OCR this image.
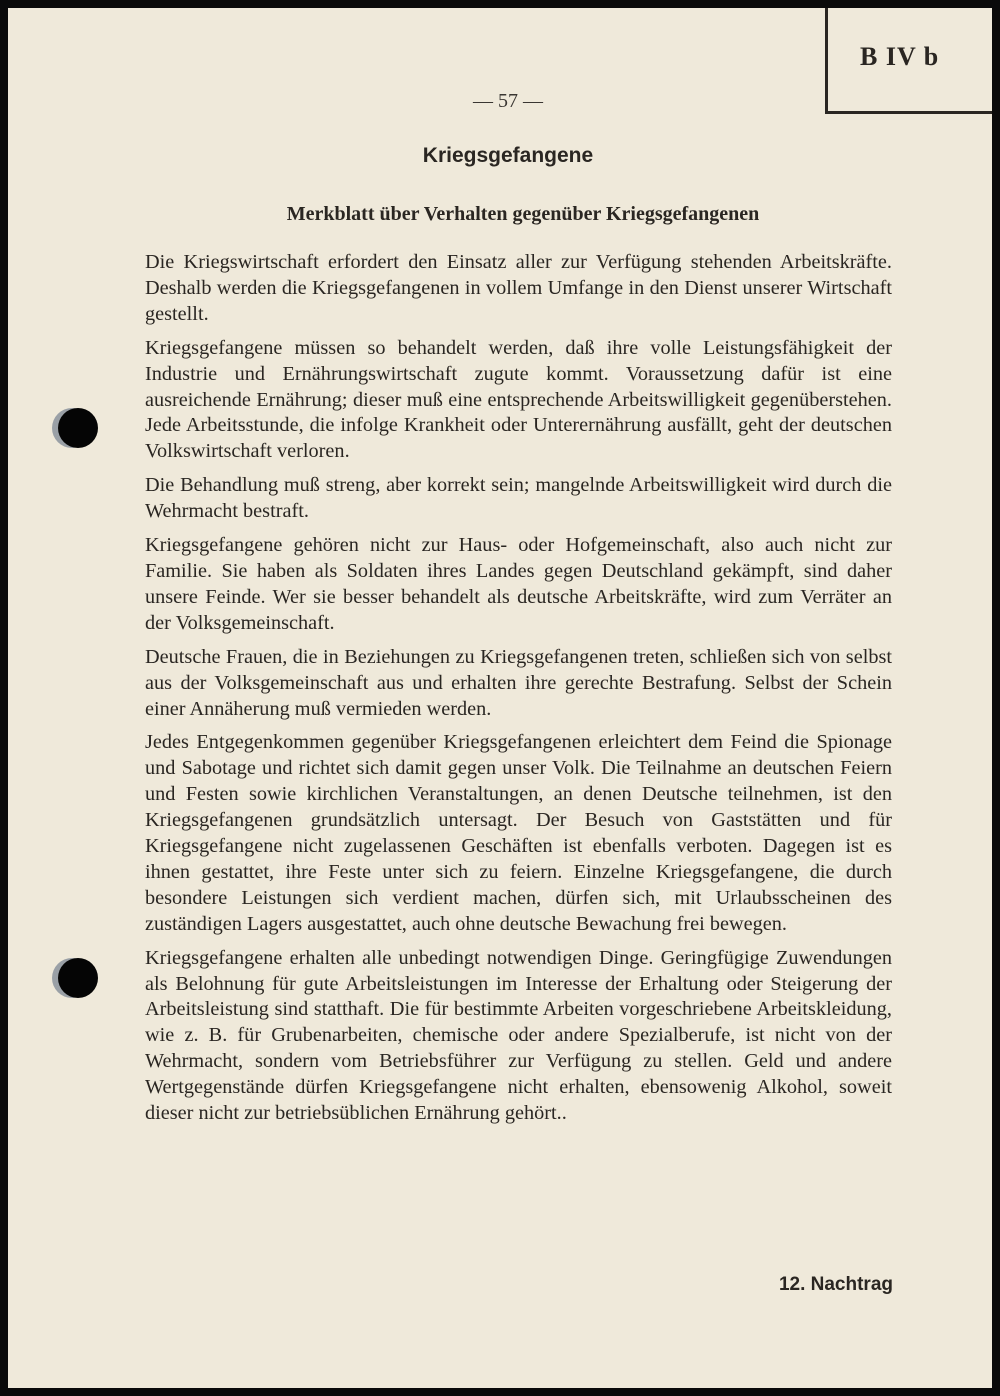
B IV b
— 57 —
Kriegsgefangene
Merkblatt über Verhalten gegenüber Kriegsgefangenen

Die Kriegswirtschaft erfordert den Einsatz aller zur Verfügung stehenden Arbeitskräfte. Deshalb werden die Kriegsgefangenen in vollem Umfange in den Dienst unserer Wirtschaft gestellt.

Kriegsgefangene müssen so behandelt werden, daß ihre volle Leistungsfähigkeit der Industrie und Ernährungswirtschaft zugute kommt. Voraussetzung dafür ist eine ausreichende Ernährung; dieser muß eine entsprechende Arbeitswilligkeit gegenüberstehen. Jede Arbeitsstunde, die infolge Krankheit oder Unterernährung ausfällt, geht der deutschen Volkswirtschaft verloren.

Die Behandlung muß streng, aber korrekt sein; mangelnde Arbeitswilligkeit wird durch die Wehrmacht bestraft.

Kriegsgefangene gehören nicht zur Haus- oder Hofgemeinschaft, also auch nicht zur Familie. Sie haben als Soldaten ihres Landes gegen Deutschland gekämpft, sind daher unsere Feinde. Wer sie besser behandelt als deutsche Arbeitskräfte, wird zum Verräter an der Volksgemeinschaft.

Deutsche Frauen, die in Beziehungen zu Kriegsgefangenen treten, schließen sich von selbst aus der Volksgemeinschaft aus und erhalten ihre gerechte Bestrafung. Selbst der Schein einer Annäherung muß vermieden werden.

Jedes Entgegenkommen gegenüber Kriegsgefangenen erleichtert dem Feind die Spionage und Sabotage und richtet sich damit gegen unser Volk. Die Teilnahme an deutschen Feiern und Festen sowie kirchlichen Veranstaltungen, an denen Deutsche teilnehmen, ist den Kriegsgefangenen grundsätzlich untersagt. Der Besuch von Gaststätten und für Kriegsgefangene nicht zugelassenen Geschäften ist ebenfalls verboten. Dagegen ist es ihnen gestattet, ihre Feste unter sich zu feiern. Einzelne Kriegsgefangene, die durch besondere Leistungen sich verdient machen, dürfen sich, mit Urlaubsscheinen des zuständigen Lagers ausgestattet, auch ohne deutsche Bewachung frei bewegen.

Kriegsgefangene erhalten alle unbedingt notwendigen Dinge. Geringfügige Zuwendungen als Belohnung für gute Arbeitsleistungen im Interesse der Erhaltung oder Steigerung der Arbeitsleistung sind statthaft. Die für bestimmte Arbeiten vorgeschriebene Arbeitskleidung, wie z. B. für Grubenarbeiten, chemische oder andere Spezialberufe, ist nicht von der Wehrmacht, sondern vom Betriebsführer zur Verfügung zu stellen. Geld und andere Wertgegenstände dürfen Kriegsgefangene nicht erhalten, ebensowenig Alkohol, soweit dieser nicht zur betriebsüblichen Ernährung gehört..

12. Nachtrag
